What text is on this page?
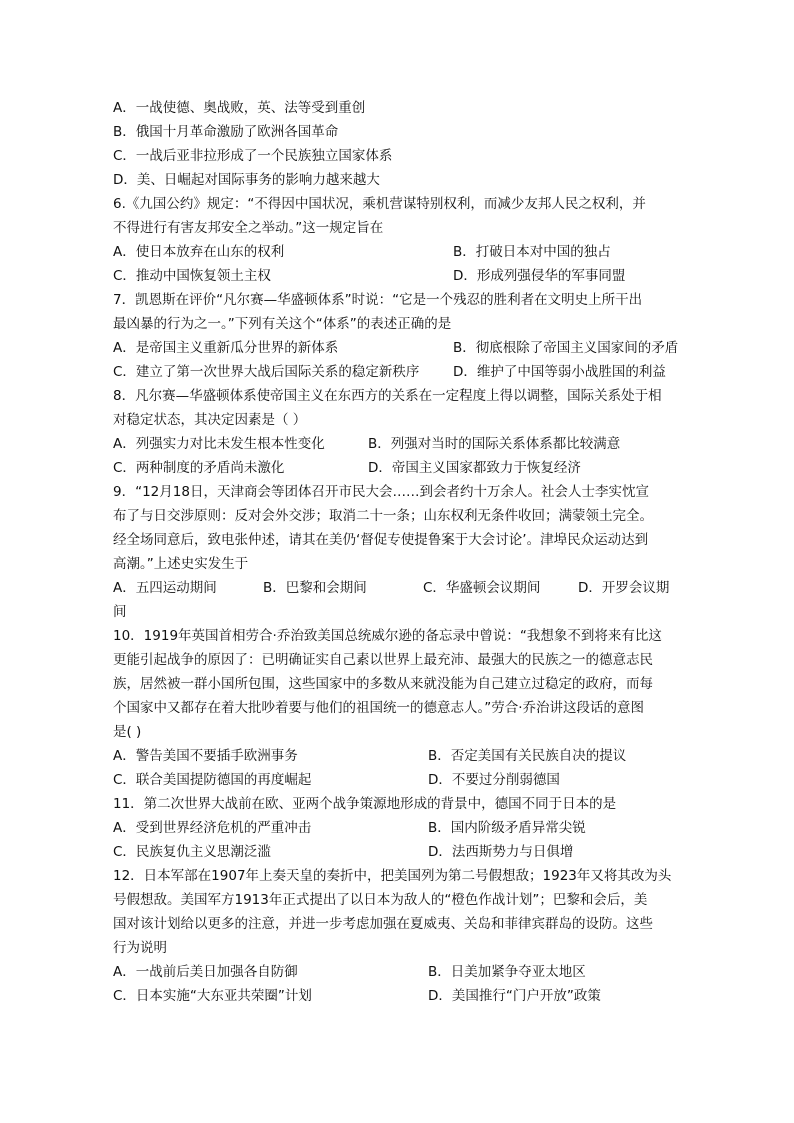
A．一战使德、奥战败，英、法等受到重创
B．俄国十月革命激励了欧洲各国革命
C．一战后亚非拉形成了一个民族独立国家体系
D．美、日崛起对国际事务的影响力越来越大
6.《九国公约》规定：“不得因中国状况，乘机营谋特别权利，而减少友邦人民之权利，并
不得进行有害友邦安全之举动。”这一规定旨在
A．使日本放弃在山东的权利	B．打破日本对中国的独占
C．推动中国恢复领土主权	D．形成列强侵华的军事同盟
7．凯恩斯在评价“凡尔赛—华盛顿体系”时说：“它是一个残忍的胜利者在文明史上所干出
最凶暴的行为之一。”下列有关这个“体系”的表述正确的是
A．是帝国主义重新瓜分世界的新体系	B．彻底根除了帝国主义国家间的矛盾
C．建立了第一次世界大战后国际关系的稳定新秩序	D．维护了中国等弱小战胜国的利益
8．凡尔赛—华盛顿体系使帝国主义在东西方的关系在一定程度上得以调整，国际关系处于相
对稳定状态，其决定因素是（ ）
A．列强实力对比未发生根本性变化	B．列强对当时的国际关系体系都比较满意
C．两种制度的矛盾尚未激化	D．帝国主义国家都致力于恢复经济
9．“12月18日，天津商会等团体召开市民大会……到会者约十万余人。社会人士李实忱宣
布了与日交涉原则：反对会外交涉；取消二十一条；山东权利无条件收回；满蒙领土完全。
经全场同意后，致电张仲述，请其在美仍‘督促专使提鲁案于大会讨论’。津埠民众运动达到
高潮。”上述史实发生于
A．五四运动期间	B．巴黎和会期间	C．华盛顿会议期间	D．开罗会议期
间
10．1919年英国首相劳合·乔治致美国总统威尔逊的备忘录中曾说：“我想象不到将来有比这
更能引起战争的原因了：已明确证实自己素以世界上最充沛、最强大的民族之一的德意志民
族，居然被一群小国所包围，这些国家中的多数从来就没能为自己建立过稳定的政府，而每
个国家中又都存在着大批吵着要与他们的祖国统一的德意志人。”劳合·乔治讲这段话的意图
是( )
A．警告美国不要插手欧洲事务	B．否定美国有关民族自决的提议
C．联合美国提防德国的再度崛起	D．不要过分削弱德国
11．第二次世界大战前在欧、亚两个战争策源地形成的背景中，德国不同于日本的是
A．受到世界经济危机的严重冲击	B．国内阶级矛盾异常尖锐
C．民族复仇主义思潮泛滥	D．法西斯势力与日俱增
12．日本军部在1907年上奏天皇的奏折中，把美国列为第二号假想敌；1923年又将其改为头
号假想敌。美国军方1913年正式提出了以日本为敌人的“橙色作战计划”；巴黎和会后，美
国对该计划给以更多的注意，并进一步考虑加强在夏威夷、关岛和菲律宾群岛的设防。这些
行为说明
A．一战前后美日加强各自防御	B．日美加紧争夺亚太地区
C．日本实施“大东亚共荣圈”计划	D．美国推行“门户开放”政策
